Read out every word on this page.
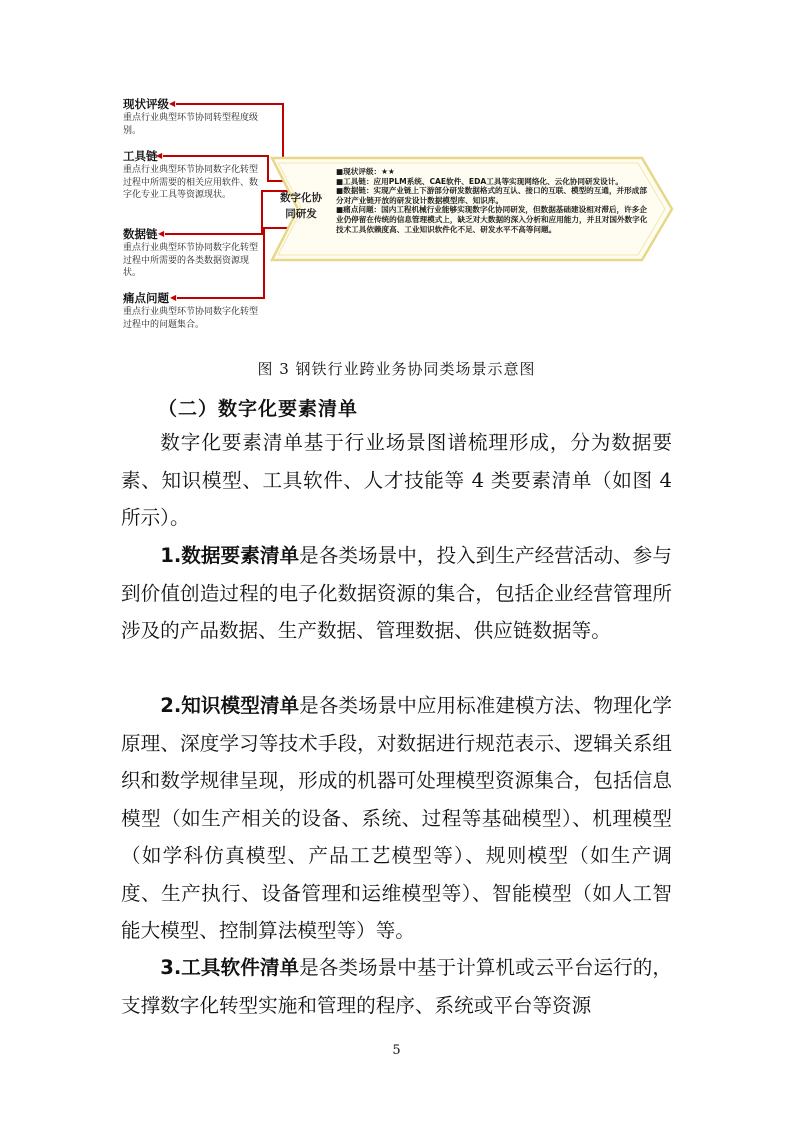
现状评级 ◀
重点行业典型环节协同转型程度级别。
工具链
◀
重点行业典型环节协同数字化转型过程中所需要的相关应用软件、数字化专业工具等资源现状。
数据链 ◀
重点行业典型环节协同数字化转型过程中所需要的各类数据资源现状。
痛点问题 ◀
重点行业典型环节协同数字化转型过程中的问题集合。
数字化协同研发

■现状评级：★★

■工具链：应用PLM系统、CAE软件、EDA工具等实现网络化、云化协同研发设计。

■数据链：实现产业链上下游部分研发数据格式的互认、接口的互联、模型的互通，并形成部分对产业链开放的研发设计数据模型库、知识库。

■痛点问题：国内工程机械行业能够实现数字化协同研发，但数据基础建设相对滞后，许多企业仍停留在传统的信息管理模式上，缺乏对大数据的深入分析和应用能力，并且对国外数字化技术工具依赖度高、工业知识软件化不足、研发水平不高等问题。

图 3 钢铁行业跨业务协同类场景示意图
（二）数字化要素清单

数字化要素清单基于行业场景图谱梳理形成，分为数据要素、知识模型、工具软件、人才技能等 4 类要素清单（如图 4 所示）。

1.数据要素清单是各类场景中，投入到生产经营活动、参与到价值创造过程的电子化数据资源的集合，包括企业经营管理所涉及的产品数据、生产数据、管理数据、供应链数据等。

2.知识模型清单是各类场景中应用标准建模方法、物理化学原理、深度学习等技术手段，对数据进行规范表示、逻辑关系组织和数学规律呈现，形成的机器可处理模型资源集合，包括信息模型（如生产相关的设备、系统、过程等基础模型）、机理模型（如学科仿真模型、产品工艺模型等）、规则模型（如生产调度、生产执行、设备管理和运维模型等）、智能模型（如人工智能大模型、控制算法模型等）等。

3.工具软件清单是各类场景中基于计算机或云平台运行的，支撑数字化转型实施和管理的程序、系统或平台等资源

5
